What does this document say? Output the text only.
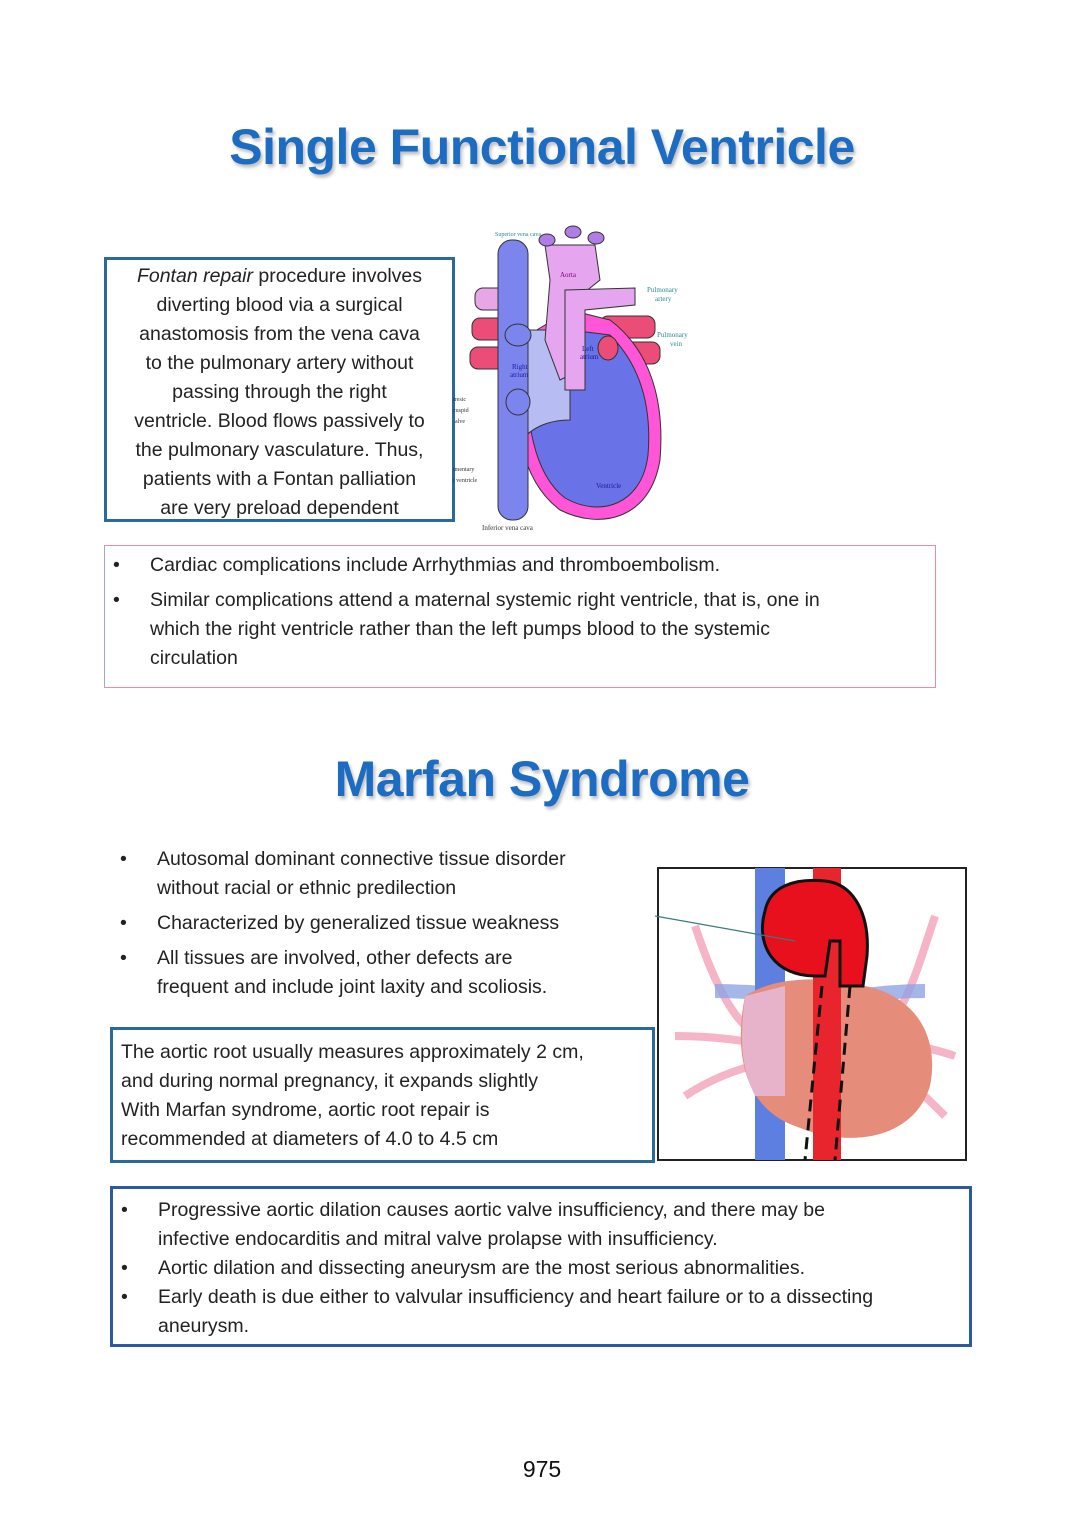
Single Functional Ventricle
Fontan repair procedure involves
diverting blood via a surgical
anastomosis from the vena cava
to the pulmonary artery without
passing through the right
ventricle. Blood flows passively to
the pulmonary vasculature. Thus,
patients with a Fontan palliation
are very preload dependent
Superior vena cava
Aorta
Pulmonary
artery
Pulmonary
vein
Left
atrium
Right
atrium
tresic
cuspid
alve
imentary
t ventricle
Ventricle
Inferior vena cava
• Cardiac complications include Arrhythmias and thromboembolism.
• Similar complications attend a maternal systemic right ventricle, that is, one in
which the right ventricle rather than the left pumps blood to the systemic
circulation
Marfan Syndrome
• Autosomal dominant connective tissue disorder
without racial or ethnic predilection
• Characterized by generalized tissue weakness
• All tissues are involved, other defects are
frequent and include joint laxity and scoliosis.
The aortic root usually measures approximately 2 cm,
and during normal pregnancy, it expands slightly
With Marfan syndrome, aortic root repair is
recommended at diameters of 4.0 to 4.5 cm
• Progressive aortic dilation causes aortic valve insufficiency, and there may be
infective endocarditis and mitral valve prolapse with insufficiency.
• Aortic dilation and dissecting aneurysm are the most serious abnormalities.
• Early death is due either to valvular insufficiency and heart failure or to a dissecting
aneurysm.
975
